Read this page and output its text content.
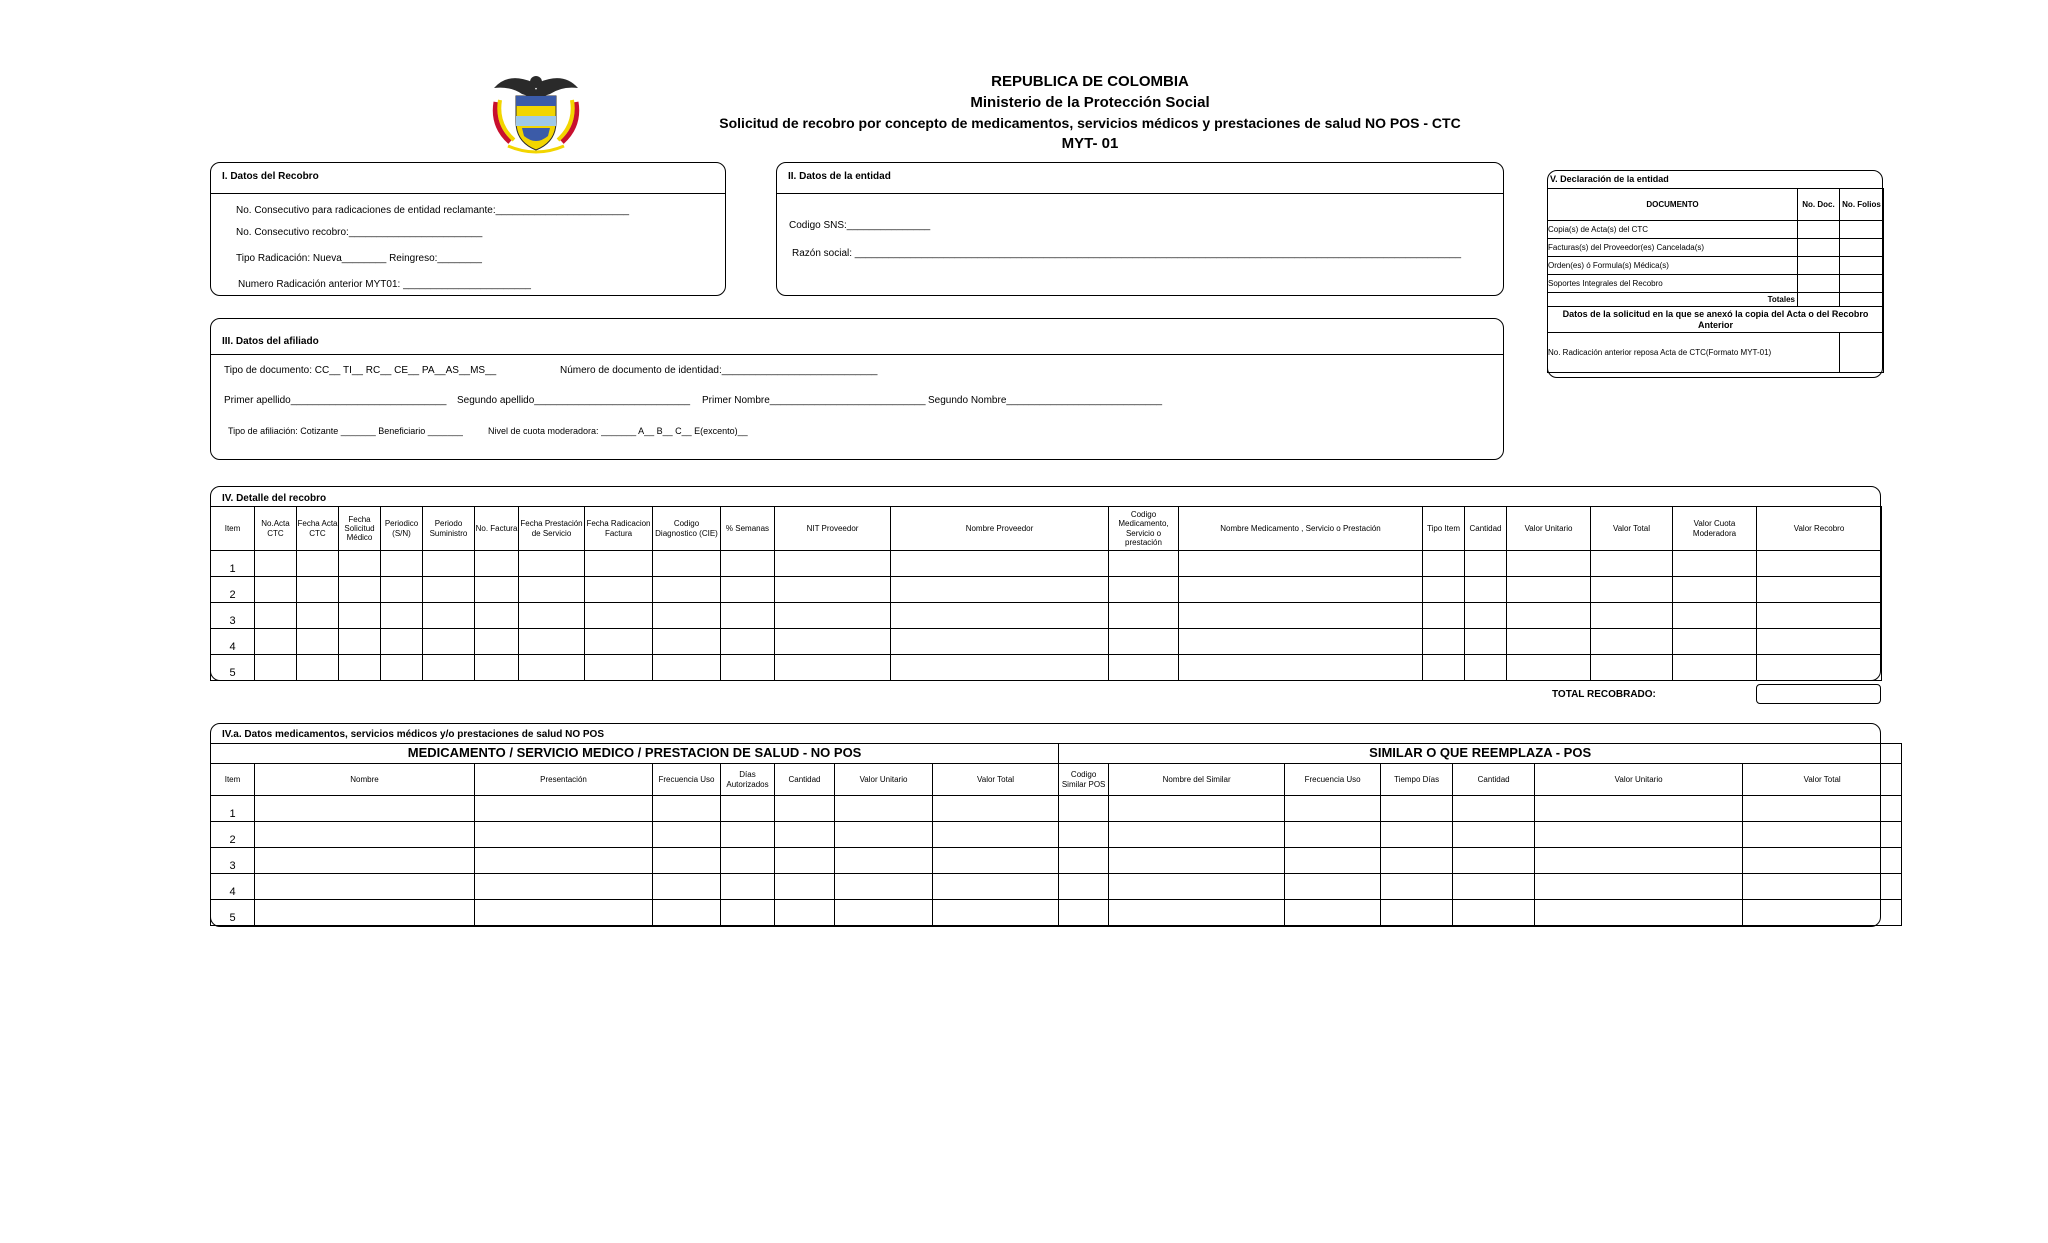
REPUBLICA DE COLOMBIA
Ministerio de la Protección Social
Solicitud de recobro por concepto de medicamentos, servicios médicos y prestaciones de salud NO POS - CTC
MYT- 01
I. Datos del Recobro
No. Consecutivo para radicaciones de entidad reclamante:________________________
No. Consecutivo recobro:________________________
Tipo Radicación: Nueva________ Reingreso:________
Numero Radicación anterior MYT01: _______________________
II. Datos de la entidad
Codigo SNS:_______________
Razón social: _____________________________________________________________________________________________________________
III. Datos del afiliado
Tipo de documento: CC__ TI__ RC__ CE__ PA__AS__MS__	Número de documento de identidad:____________________________
Primer apellido____________________________ Segundo apellido____________________________ Primer Nombre____________________________ Segundo Nombre____________________________
Tipo de afiliación: Cotizante _______ Beneficiario _______	Nivel de cuota moderadora: _______ A__ B__ C__ E(excento)__
V. Declaración de la entidad
DOCUMENTO	No. Doc.	No. Folios
Copia(s) de Acta(s) del CTC		
Facturas(s) del Proveedor(es) Cancelada(s)		
Orden(es) ó Formula(s) Médica(s)		
Soportes Integrales del Recobro		
Totales		
Datos de la solicitud en la que se anexó la copia del Acta o del Recobro Anterior		
No. Radicación anterior reposa Acta de CTC(Formato MYT-01)		
IV. Detalle del recobro
Item	No.Acta CTC	Fecha Acta CTC	Fecha Solicitud Médico	Periodico (S/N)	Periodo Suministro	No. Factura	Fecha Prestación de Servicio	Fecha Radicacion Factura	Codigo Diagnostico (CIE)	% Semanas	NIT Proveedor	Nombre Proveedor	Codigo Medicamento, Servicio o prestación	Nombre Medicamento , Servicio o Prestación	Tipo Item	Cantidad	Valor Unitario	Valor Total	Valor Cuota Moderadora	Valor Recobro
1																				
2																				
3																				
4																				
5																				
TOTAL RECOBRADO:
IV.a. Datos medicamentos, servicios médicos y/o prestaciones de salud NO POS
MEDICAMENTO / SERVICIO MEDICO / PRESTACION DE SALUD - NO POS								SIMILAR O QUE REEMPLAZA - POS						
Item	Nombre	Presentación	Frecuencia Uso	Días Autorizados	Cantidad	Valor Unitario	Valor Total	Codigo Similar POS	Nombre del Similar	Frecuencia Uso	Tiempo Días	Cantidad	Valor Unitario	Valor Total
1														
2														
3														
4														
5														
